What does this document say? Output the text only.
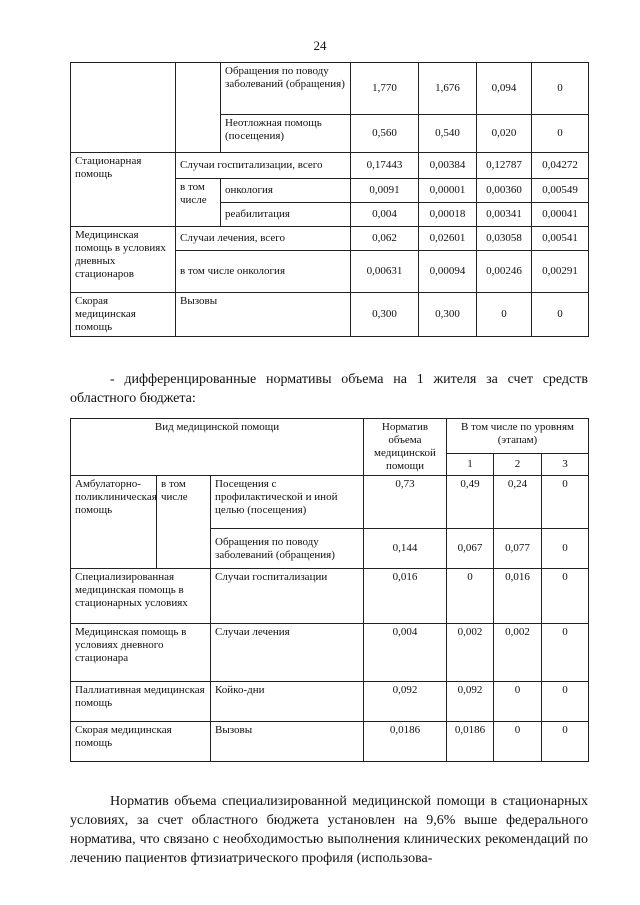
24
		Обращения по поводу заболеваний (обращения)	1,770	1,676	0,094	0
		Неотложная помощь (посещения)	0,560	0,540	0,020	0
Стационарная помощь	Случаи госпитализации, всего		0,17443	0,00384	0,12787	0,04272
	в том числе	онкология	0,0091	0,00001	0,00360	0,00549
		реабилитация	0,004	0,00018	0,00341	0,00041
Медицинская помощь в условиях дневных стационаров	Случаи лечения, всего		0,062	0,02601	0,03058	0,00541
	в том числе онкология		0,00631	0,00094	0,00246	0,00291
Скорая медицинская помощь	Вызовы		0,300	0,300	0	0

- дифференцированные нормативы объема на 1 жителя за счет средств областного бюджета:

Вид медицинской помощи			Норматив объема медицинской помощи	В том числе по уровням (этапам)		
				1	2	3
Амбулаторно-поликлиническая помощь	в том числе	Посещения с профилактической и иной целью (посещения)	0,73	0,49	0,24	0
		Обращения по поводу заболеваний (обращения)	0,144	0,067	0,077	0
Специализированная медицинская помощь в стационарных условиях		Случаи госпитализации	0,016	0	0,016	0
Медицинская помощь в условиях дневного стационара		Случаи лечения	0,004	0,002	0,002	0
Паллиативная медицинская помощь		Койко-дни	0,092	0,092	0	0
Скорая медицинская помощь		Вызовы	0,0186	0,0186	0	0

Норматив объема специализированной медицинской помощи в стационарных условиях, за счет областного бюджета установлен на 9,6% выше федерального норматива, что связано с необходимостью выполнения клинических рекомендаций по лечению пациентов фтизиатрического профиля (использова-
